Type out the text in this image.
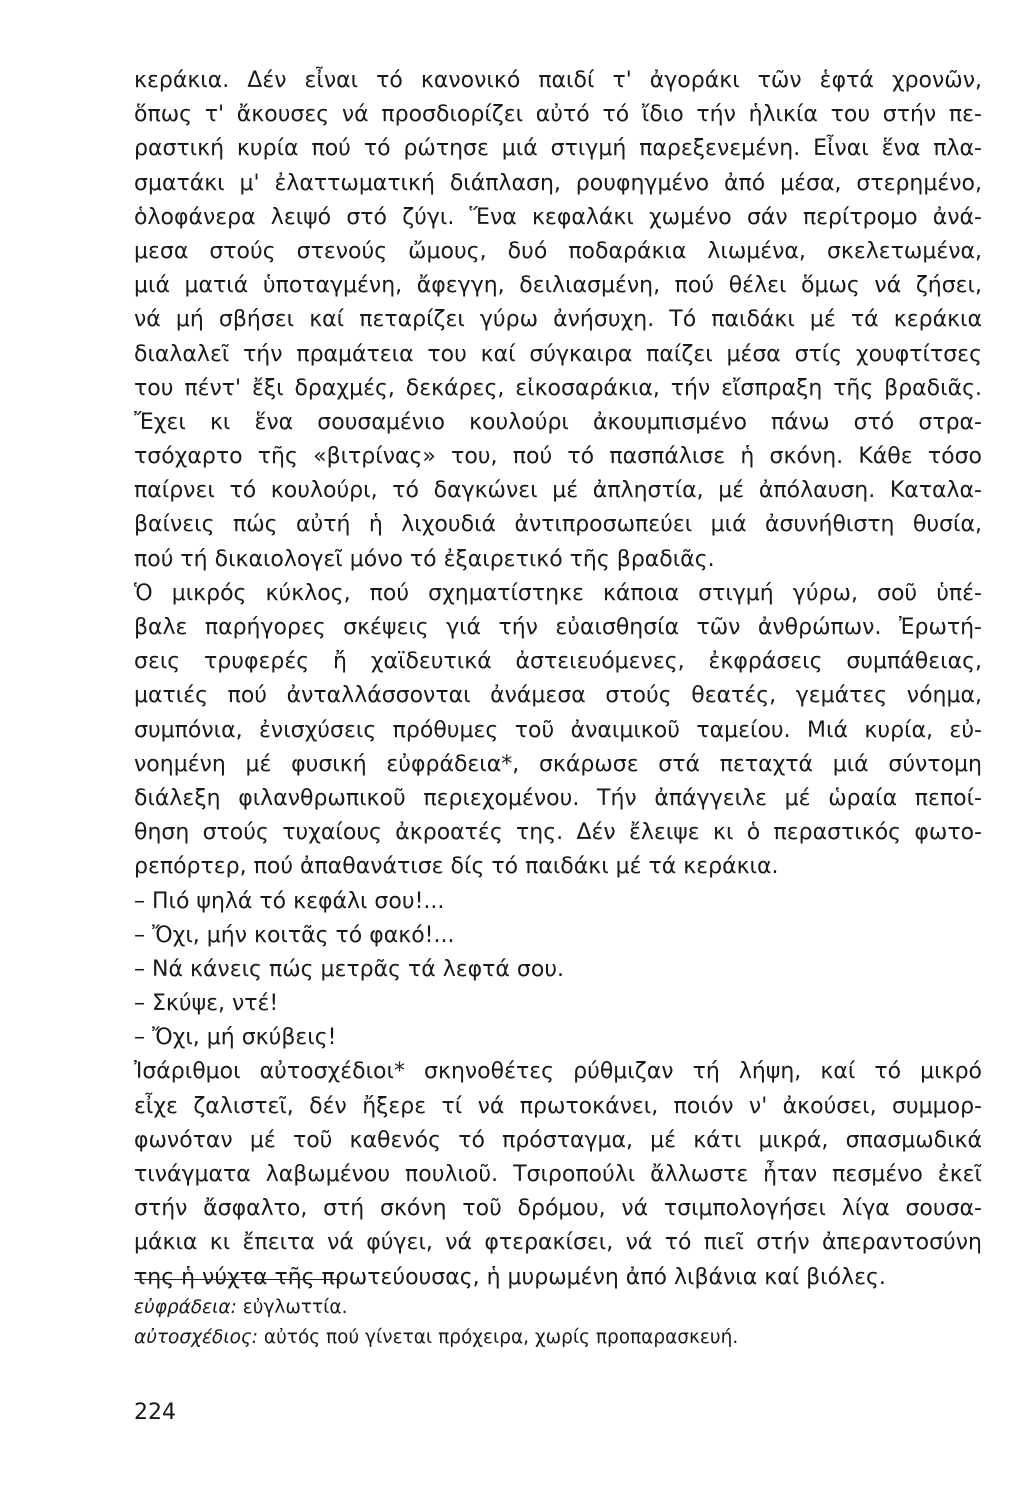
κεράκια. Δέν εἶναι τό κανονικό παιδί τ' ἀγοράκι τῶν ἑφτά χρονῶν,
ὅπως τ' ἄκουσες νά προσδιορίζει αὐτό τό ἴδιο τήν ἡλικία του στήν πε-
ραστική κυρία πού τό ρώτησε μιά στιγμή παρεξενεμένη. Εἶναι ἕνα πλα-
σματάκι μ' ἐλαττωματική διάπλαση, ρουφηγμένο ἀπό μέσα, στερημένο,
ὁλοφάνερα λειψό στό ζύγι. Ἕνα κεφαλάκι χωμένο σάν περίτρομο ἀνά-
μεσα στούς στενούς ὤμους, δυό ποδαράκια λιωμένα, σκελετωμένα,
μιά ματιά ὑποταγμένη, ἄφεγγη, δειλιασμένη, πού θέλει ὅμως νά ζήσει,
νά μή σβήσει καί πεταρίζει γύρω ἀνήσυχη. Τό παιδάκι μέ τά κεράκια
διαλαλεῖ τήν πραμάτεια του καί σύγκαιρα παίζει μέσα στίς χουφτίτσες
του πέντ' ἔξι δραχμές, δεκάρες, εἰκοσαράκια, τήν εἴσπραξη τῆς βραδιᾶς.
Ἔχει κι ἕνα σουσαμένιο κουλούρι ἀκουμπισμένο πάνω στό στρα-
τσόχαρτο τῆς «βιτρίνας» του, πού τό πασπάλισε ἡ σκόνη. Κάθε τόσο
παίρνει τό κουλούρι, τό δαγκώνει μέ ἀπληστία, μέ ἀπόλαυση. Καταλα-
βαίνεις πώς αὐτή ἡ λιχουδιά ἀντιπροσωπεύει μιά ἀσυνήθιστη θυσία,
πού τή δικαιολογεῖ μόνο τό ἐξαιρετικό τῆς βραδιᾶς.
Ὁ μικρός κύκλος, πού σχηματίστηκε κάποια στιγμή γύρω, σοῦ ὑπέ-
βαλε παρήγορες σκέψεις γιά τήν εὐαισθησία τῶν ἀνθρώπων. Ἐρωτή-
σεις τρυφερές ἤ χαϊδευτικά ἀστειευόμενες, ἐκφράσεις συμπάθειας,
ματιές πού ἀνταλλάσσονται ἀνάμεσα στούς θεατές, γεμάτες νόημα,
συμπόνια, ἐνισχύσεις πρόθυμες τοῦ ἀναιμικοῦ ταμείου. Μιά κυρία, εὐ-
νοημένη μέ φυσική εὐφράδεια*, σκάρωσε στά πεταχτά μιά σύντομη
διάλεξη φιλανθρωπικοῦ περιεχομένου. Τήν ἀπάγγειλε μέ ὡραία πεποί-
θηση στούς τυχαίους ἀκροατές της. Δέν ἔλειψε κι ὁ περαστικός φωτο-
ρεπόρτερ, πού ἀπαθανάτισε δίς τό παιδάκι μέ τά κεράκια.
– Πιό ψηλά τό κεφάλι σου!...
– Ὄχι, μήν κοιτᾶς τό φακό!...
– Νά κάνεις πώς μετρᾶς τά λεφτά σου.
– Σκύψε, ντέ!
– Ὄχι, μή σκύβεις!
Ἰσάριθμοι αὐτοσχέδιοι* σκηνοθέτες ρύθμιζαν τή λήψη, καί τό μικρό
εἶχε ζαλιστεῖ, δέν ἤξερε τί νά πρωτοκάνει, ποιόν ν' ἀκούσει, συμμορ-
φωνόταν μέ τοῦ καθενός τό πρόσταγμα, μέ κάτι μικρά, σπασμωδικά
τινάγματα λαβωμένου πουλιοῦ. Τσιροπούλι ἄλλωστε ἦταν πεσμένο ἐκεῖ
στήν ἄσφαλτο, στή σκόνη τοῦ δρόμου, νά τσιμπολογήσει λίγα σουσα-
μάκια κι ἔπειτα νά φύγει, νά φτερακίσει, νά τό πιεῖ στήν ἀπεραντοσύνη
της ἡ νύχτα τῆς πρωτεύουσας, ἡ μυρωμένη ἀπό λιβάνια καί βιόλες.
εὐφράδεια: εὐγλωττία.
αὐτοσχέδιος: αὐτός πού γίνεται πρόχειρα, χωρίς προπαρασκευή.
224
